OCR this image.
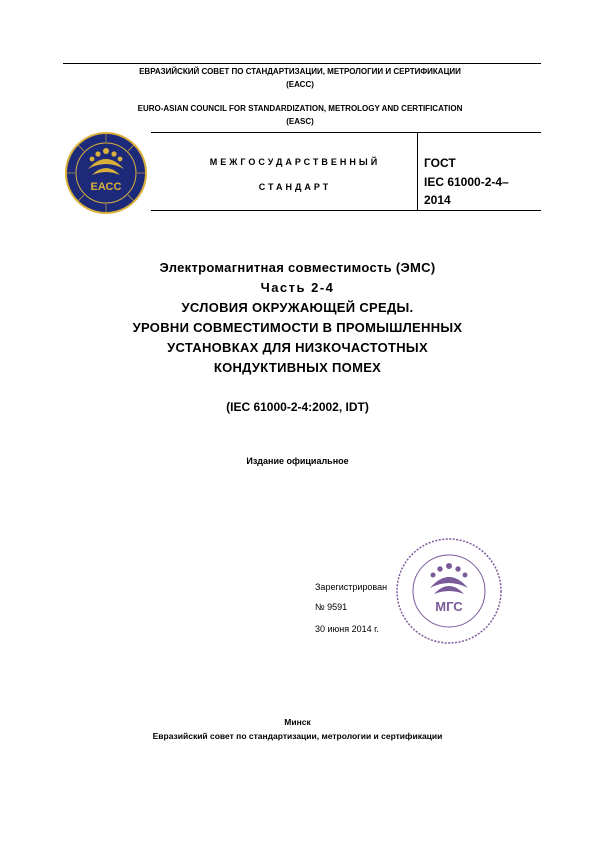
ЕВРАЗИЙСКИЙ СОВЕТ ПО СТАНДАРТИЗАЦИИ, МЕТРОЛОГИИ И СЕРТИФИКАЦИИ
(ЕАСС)
EURO-ASIAN COUNCIL FOR STANDARDIZATION, METROLOGY AND CERTIFICATION
(EASC)
ЕАСС
МЕЖГОСУДАРСТВЕННЫЙ
СТАНДАРТ
ГОСТ
IEC 61000-2-4–
2014
Электромагнитная совместимость (ЭМС)
Часть 2-4
УСЛОВИЯ ОКРУЖАЮЩЕЙ СРЕДЫ.
УРОВНИ СОВМЕСТИМОСТИ В ПРОМЫШЛЕННЫХ
УСТАНОВКАХ ДЛЯ НИЗКОЧАСТОТНЫХ
КОНДУКТИВНЫХ ПОМЕХ
(IEC 61000-2-4:2002, IDT)
Издание официальное
МГС
Зарегистрирован
№ 9591
30 июня 2014 г.
Минск
Евразийский совет по стандартизации, метрологии и сертификации
